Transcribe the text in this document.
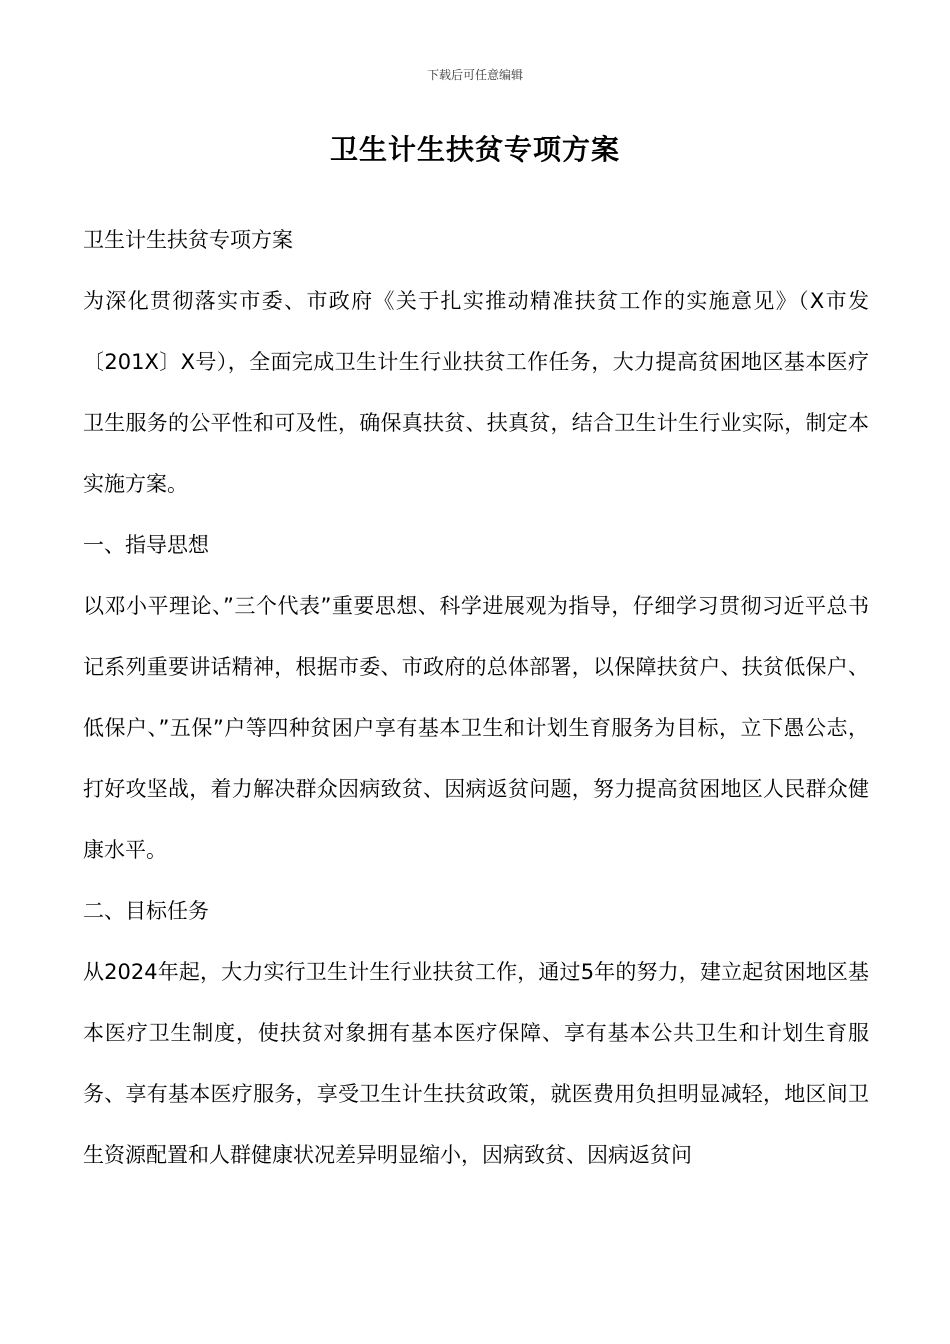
下载后可任意编辑
卫生计生扶贫专项方案

卫生计生扶贫专项方案

为深化贯彻落实市委、市政府《关于扎实推动精准扶贫工作的实施意见》（X市发〔201X〕X号），全面完成卫生计生行业扶贫工作任务，大力提高贫困地区基本医疗卫生服务的公平性和可及性，确保真扶贫、扶真贫，结合卫生计生行业实际，制定本实施方案。

一、指导思想

以邓小平理论、”三个代表”重要思想、科学进展观为指导，仔细学习贯彻习近平总书记系列重要讲话精神，根据市委、市政府的总体部署，以保障扶贫户、扶贫低保户、低保户、”五保”户等四种贫困户享有基本卫生和计划生育服务为目标，立下愚公志，打好攻坚战，着力解决群众因病致贫、因病返贫问题，努力提高贫困地区人民群众健康水平。

二、目标任务

从2024年起，大力实行卫生计生行业扶贫工作，通过5年的努力，建立起贫困地区基本医疗卫生制度，使扶贫对象拥有基本医疗保障、享有基本公共卫生和计划生育服务、享有基本医疗服务，享受卫生计生扶贫政策，就医费用负担明显减轻，地区间卫生资源配置和人群健康状况差异明显缩小，因病致贫、因病返贫问
